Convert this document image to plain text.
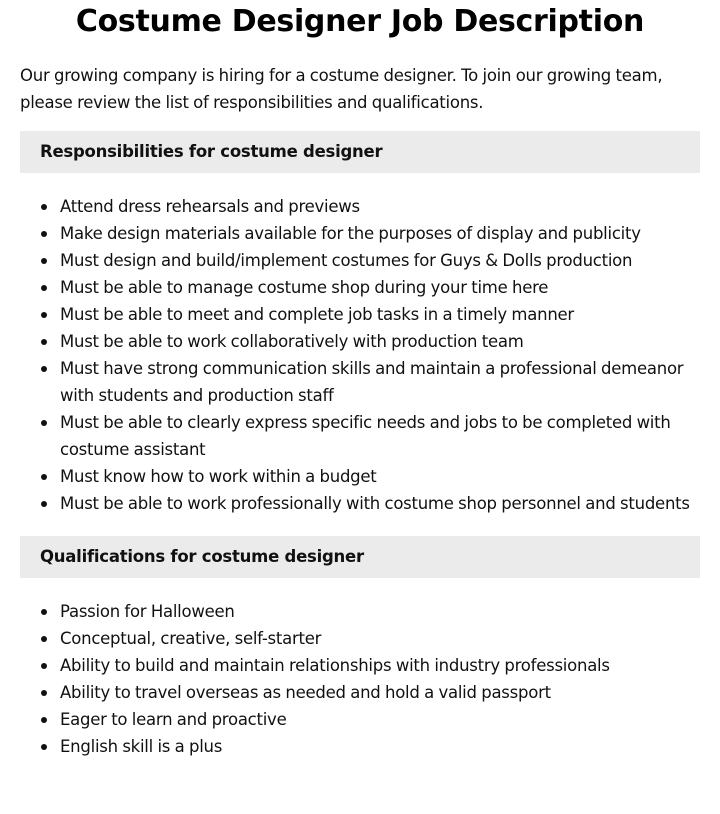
Costume Designer Job Description

Our growing company is hiring for a costume designer. To join our growing team, please review the list of responsibilities and qualifications.

Responsibilities for costume designer
Attend dress rehearsals and previews
Make design materials available for the purposes of display and publicity
Must design and build/implement costumes for Guys & Dolls production
Must be able to manage costume shop during your time here
Must be able to meet and complete job tasks in a timely manner
Must be able to work collaboratively with production team
Must have strong communication skills and maintain a professional demeanor with students and production staff
Must be able to clearly express specific needs and jobs to be completed with costume assistant
Must know how to work within a budget
Must be able to work professionally with costume shop personnel and students
Qualifications for costume designer
Passion for Halloween
Conceptual, creative, self-starter
Ability to build and maintain relationships with industry professionals
Ability to travel overseas as needed and hold a valid passport
Eager to learn and proactive
English skill is a plus
